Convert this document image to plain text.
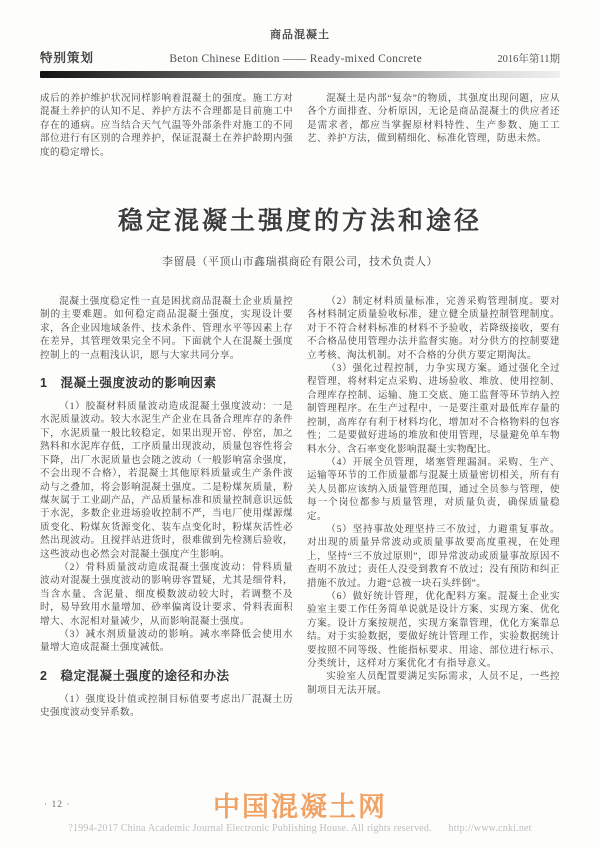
商品混凝土
特别策划	Beton Chinese Edition —— Ready-mixed Concrete	2016年第11期

成后的养护维护状况同样影响着混凝土的强度。施工方对混凝土养护的认知不足、养护方法不合理都是目前施工中存在的通病。应当结合天气气温等外部条件对施工的不同部位进行有区别的合理养护，保证混凝土在养护龄期内强度的稳定增长。

混凝土是内部“复杂”的物质，其强度出现问题，应从各个方面排查、分析原因，无论是商品混凝土的供应者还是需求者，都应当掌握原材料特性、生产参数、施工工艺、养护方法，做到精细化、标准化管理，防患未然。

稳定混凝土强度的方法和途径
李留晨（平顶山市鑫瑞祺商砼有限公司，技术负责人）

混凝土强度稳定性一直是困扰商品混凝土企业质量控制的主要难题。如何稳定商品混凝土强度，实现设计要求，各企业因地域条件、技术条件、管理水平等因素上存在差异，其管理效果完全不同。下面就个人在混凝土强度控制上的一点粗浅认识，愿与大家共同分享。

1　混凝土强度波动的影响因素

（1）胶凝材料质量波动造成混凝土强度波动：一是水泥质量波动。较大水泥生产企业在具备合理库存的条件下，水泥质量一般比较稳定，如果出现开窑、停窑，加之熟料和水泥库存低，工序质量出现波动，质量包容性将会下降，出厂水泥质量也会随之波动（一般影响富余强度，不会出现不合格），若混凝土其他原料质量或生产条件波动与之叠加，将会影响混凝土强度。二是粉煤灰质量，粉煤灰属于工业副产品，产品质量标准和质量控制意识远低于水泥，多数企业进场验收控制不严，当电厂使用煤源煤质变化、粉煤灰货源变化、装车点变化时，粉煤灰活性必然出现波动。且搅拌站进货时，很难做到先检测后验收，这些波动也必然会对混凝土强度产生影响。

（2）骨料质量波动造成混凝土强度波动：骨料质量波动对混凝土强度波动的影响毋容置疑，尤其是细骨料，当含水量、含泥量、细度模数波动较大时，若调整不及时，易导致用水量增加、砂率偏离设计要求、骨料表面积增大、水泥相对量减少，从而影响混凝土强度。

（3）减水剂质量波动的影响。减水率降低会使用水量增大造成混凝土强度减低。

2　稳定混凝土强度的途径和办法

（1）强度设计值或控制目标值要考虑出厂混凝土历史强度波动变异系数。

（2）制定材料质量标准，完善采购管理制度。要对各材料制定质量验收标准，建立健全质量控制管理制度。对于不符合材料标准的材料不予验收，若降级接收，要有不合格品使用管理办法并监督实施。对分供方的控制要建立考核、淘汰机制。对不合格的分供方要定期淘汰。

（3）强化过程控制，力争实现方案。通过强化全过程管理，将材料定点采购、进场验收、堆放、使用控制、合理库存控制、运输、施工交底、施工监督等环节纳入控制管理程序。在生产过程中，一是要注重对最低库存量的控制，高库存有利于材料均化，增加对不合格物料的包容性；二是要做好进场的堆放和使用管理，尽量避免单车物料水分、含石率变化影响混凝土实物配比。

（4）开展全员管理，堵塞管理漏洞。采购、生产、运输等环节的工作质量都与混凝土质量密切相关，所有有关人员都应该纳入质量管理范围，通过全员参与管理，使每一个岗位都参与质量管理，对质量负责，确保质量稳定。

（5）坚持事故处理坚持三不放过，力避重复事故。对出现的质量异常波动或质量事故要高度重视，在处理上，坚持“三不放过原则”，即异常波动或质量事故原因不查明不放过；责任人没受到教育不放过；没有预防和纠正措施不放过。力避“总被一块石头绊倒”。

（6）做好统计管理，优化配料方案。混凝土企业实验室主要工作任务简单说就是设计方案、实现方案、优化方案。设计方案按规范，实现方案靠管理，优化方案靠总结。对于实验数据，要做好统计管理工作，实验数据统计要按照不同等级、性能指标要求、用途、部位进行标示、分类统计，这样对方案优化才有指导意义。

实验室人员配置要满足实际需求，人员不足，一些控制项目无法开展。

· 12 ·	中国混凝土网
?1994-2017 China Academic Journal Electronic Publishing House. All rights reserved. http://www.cnki.net
